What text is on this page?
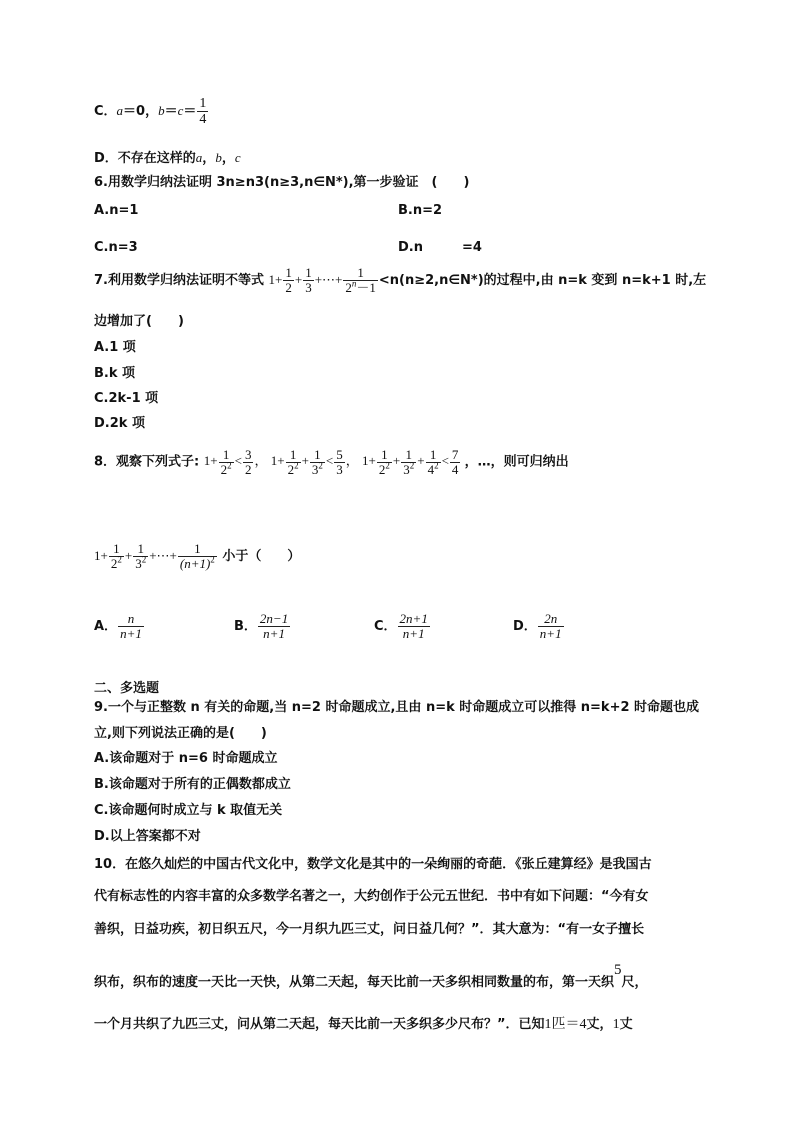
C．a＝0，$b=c= \frac{1}{4}$
D．不存在这样的a，b，c
6.用数学归纳法证明 3n≥n3(n≥3,n∈N*),第一步验证　(　　)
A.n=1	B.n=2
C.n=3	D.n　　　=4
7.利用数学归纳法证明不等式 $1+ \frac{1}{2} + \frac{1}{3}$ +⋯+ $\frac{1}{2^n-1}$ <n(n≥2,n∈N*)的过程中,由 n=k 变到 n=k+1 时,左
边增加了(　　)
A.1 项
B.k 项
C.2k-1 项
D.2k 项
8．观察下列式子: $1+ \frac{1}{2^2} < \frac{3}{2}$ ， $1+ \frac{1}{2^2} + \frac{1}{3^2} < \frac{5}{3}$ ， $1+ \frac{1}{2^2} + \frac{1}{3^2} + \frac{1}{4^2} < \frac{7}{4}$ ，…，则可归纳出
$1+ \frac{1}{2^2} + \frac{1}{3^2}$ +⋯+ $\frac{1}{(n+1)^2}$ 小于（　　）
A． $\frac{n}{n+1}$	B． $\frac{2n-1}{n+1}$	C． $\frac{2n+1}{n+1}$	D． $\frac{2n}{n+1}$
二、多选题
9.一个与正整数 n 有关的命题,当 n=2 时命题成立,且由 n=k 时命题成立可以推得 n=k+2 时命题也成
立,则下列说法正确的是(　　)
A.该命题对于 n=6 时命题成立
B.该命题对于所有的正偶数都成立
C.该命题何时成立与 k 取值无关
D.以上答案都不对
10．在悠久灿烂的中国古代文化中，数学文化是其中的一朵绚丽的奇葩．《张丘建算经》是我国古
代有标志性的内容丰富的众多数学名著之一，大约创作于公元五世纪．书中有如下问题：“今有女
善织，日益功疾，初日织五尺，今一月织九匹三丈，问日益几何？”．其大意为：“有一女子擅长
织布，织布的速度一天比一天快，从第二天起，每天比前一天多织相同数量的布，第一天织5尺，
一个月共织了九匹三丈，问从第二天起，每天比前一天多织多少尺布？”．已知1匹＝4丈，1丈
